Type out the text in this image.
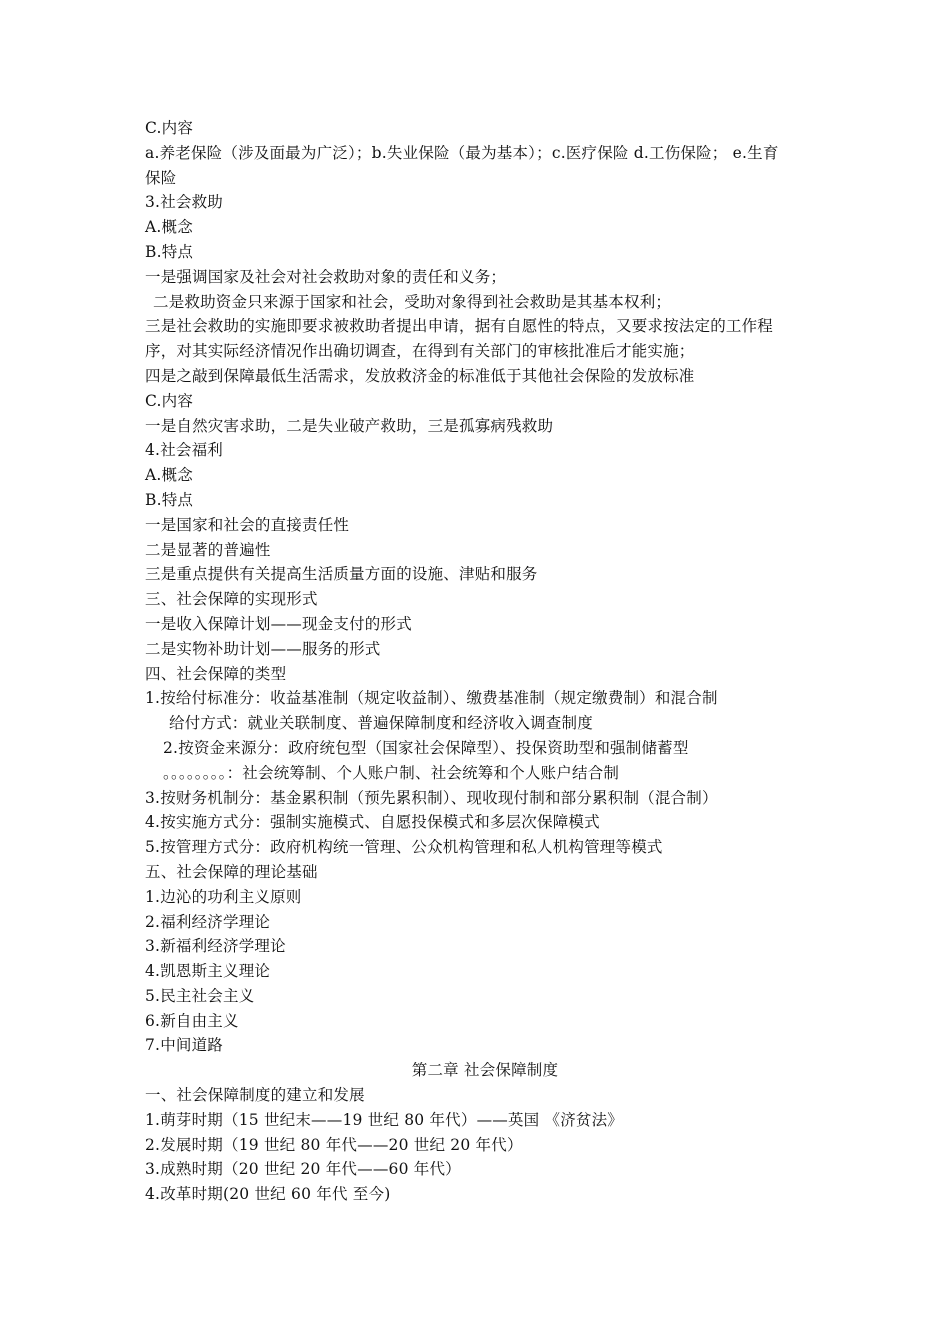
C.内容
a.养老保险（涉及面最为广泛）；b.失业保险（最为基本）；c.医疗保险 d.工伤保险； e.生育
保险
3.社会救助
A.概念
B.特点
一是强调国家及社会对社会救助对象的责任和义务；
二是救助资金只来源于国家和社会，受助对象得到社会救助是其基本权利；
三是社会救助的实施即要求被救助者提出申请，据有自愿性的特点，又要求按法定的工作程
序，对其实际经济情况作出确切调查，在得到有关部门的审核批准后才能实施；
四是之敲到保障最低生活需求，发放救济金的标准低于其他社会保险的发放标准
C.内容
一是自然灾害求助，二是失业破产救助，三是孤寡病残救助
4.社会福利
A.概念
B.特点
一是国家和社会的直接责任性
二是显著的普遍性
三是重点提供有关提高生活质量方面的设施、津贴和服务
三、社会保障的实现形式
一是收入保障计划——现金支付的形式
二是实物补助计划——服务的形式
四、社会保障的类型
1.按给付标准分：收益基准制（规定收益制）、缴费基准制（规定缴费制）和混合制
给付方式：就业关联制度、普遍保障制度和经济收入调查制度
2.按资金来源分：政府统包型（国家社会保障型）、投保资助型和强制储蓄型
。。。。。。。。：社会统筹制、个人账户制、社会统筹和个人账户结合制
3.按财务机制分：基金累积制（预先累积制）、现收现付制和部分累积制（混合制）
4.按实施方式分：强制实施模式、自愿投保模式和多层次保障模式
5.按管理方式分：政府机构统一管理、公众机构管理和私人机构管理等模式
五、社会保障的理论基础
1.边沁的功利主义原则
2.福利经济学理论
3.新福利经济学理论
4.凯恩斯主义理论
5.民主社会主义
6.新自由主义
7.中间道路
第二章 社会保障制度
一、社会保障制度的建立和发展
1.萌芽时期（15 世纪末——19 世纪 80 年代）——英国 《济贫法》
2.发展时期（19 世纪 80 年代——20 世纪 20 年代）
3.成熟时期（20 世纪 20 年代——60 年代）
4.改革时期(20 世纪 60 年代 至今)
